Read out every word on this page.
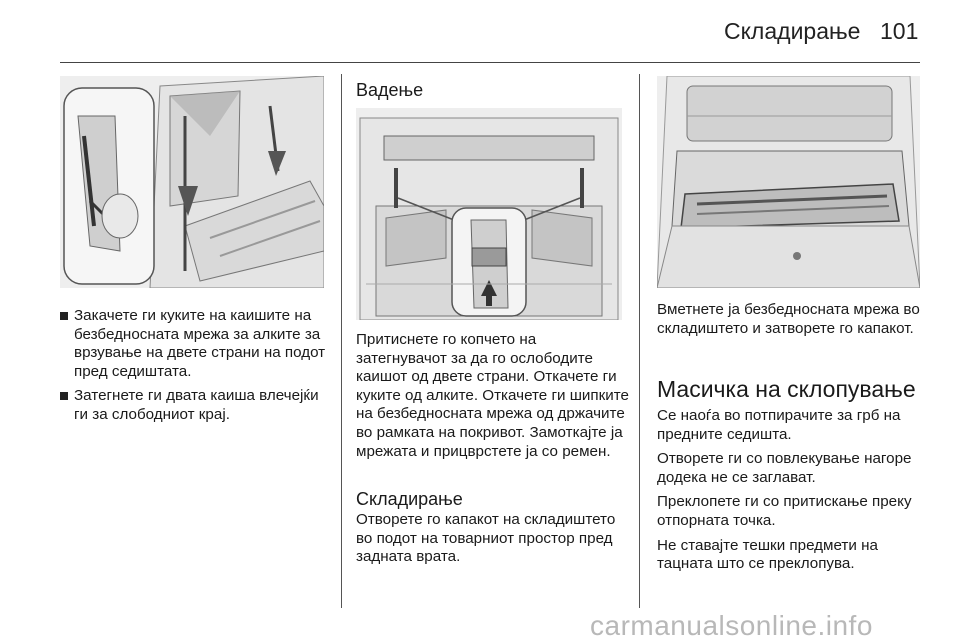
Складирање 101
Закачете ги куките на каишите на безбедносната мрежа за алките за врзување на двете страни на подот пред седиштата.
Затегнете ги двата каиша влечејќи ги за слободниот крај.
Вадење

Притиснете го копчето на затегнувачот за да го ослободите каишот од двете страни. Откачете ги куките од алките. Откачете ги шипките на безбедносната мрежа од држачите во рамката на покривот. Замоткајте ја мрежата и прицврстете ја со ремен.

Складирање

Отворете го капакот на складиштето во подот на товарниот простор пред задната врата.

Вметнете ја безбедносната мрежа во складиштето и затворете го капакот.

Масичка на склопување

Се наоѓа во потпирачите за грб на предните седишта.

Отворете ги со повлекување нагоре додека не се заглават.

Преклопете ги со притискање преку отпорната точка.

Не ставајте тешки предмети на тацната што се преклопува.

carmanualsonline.info
